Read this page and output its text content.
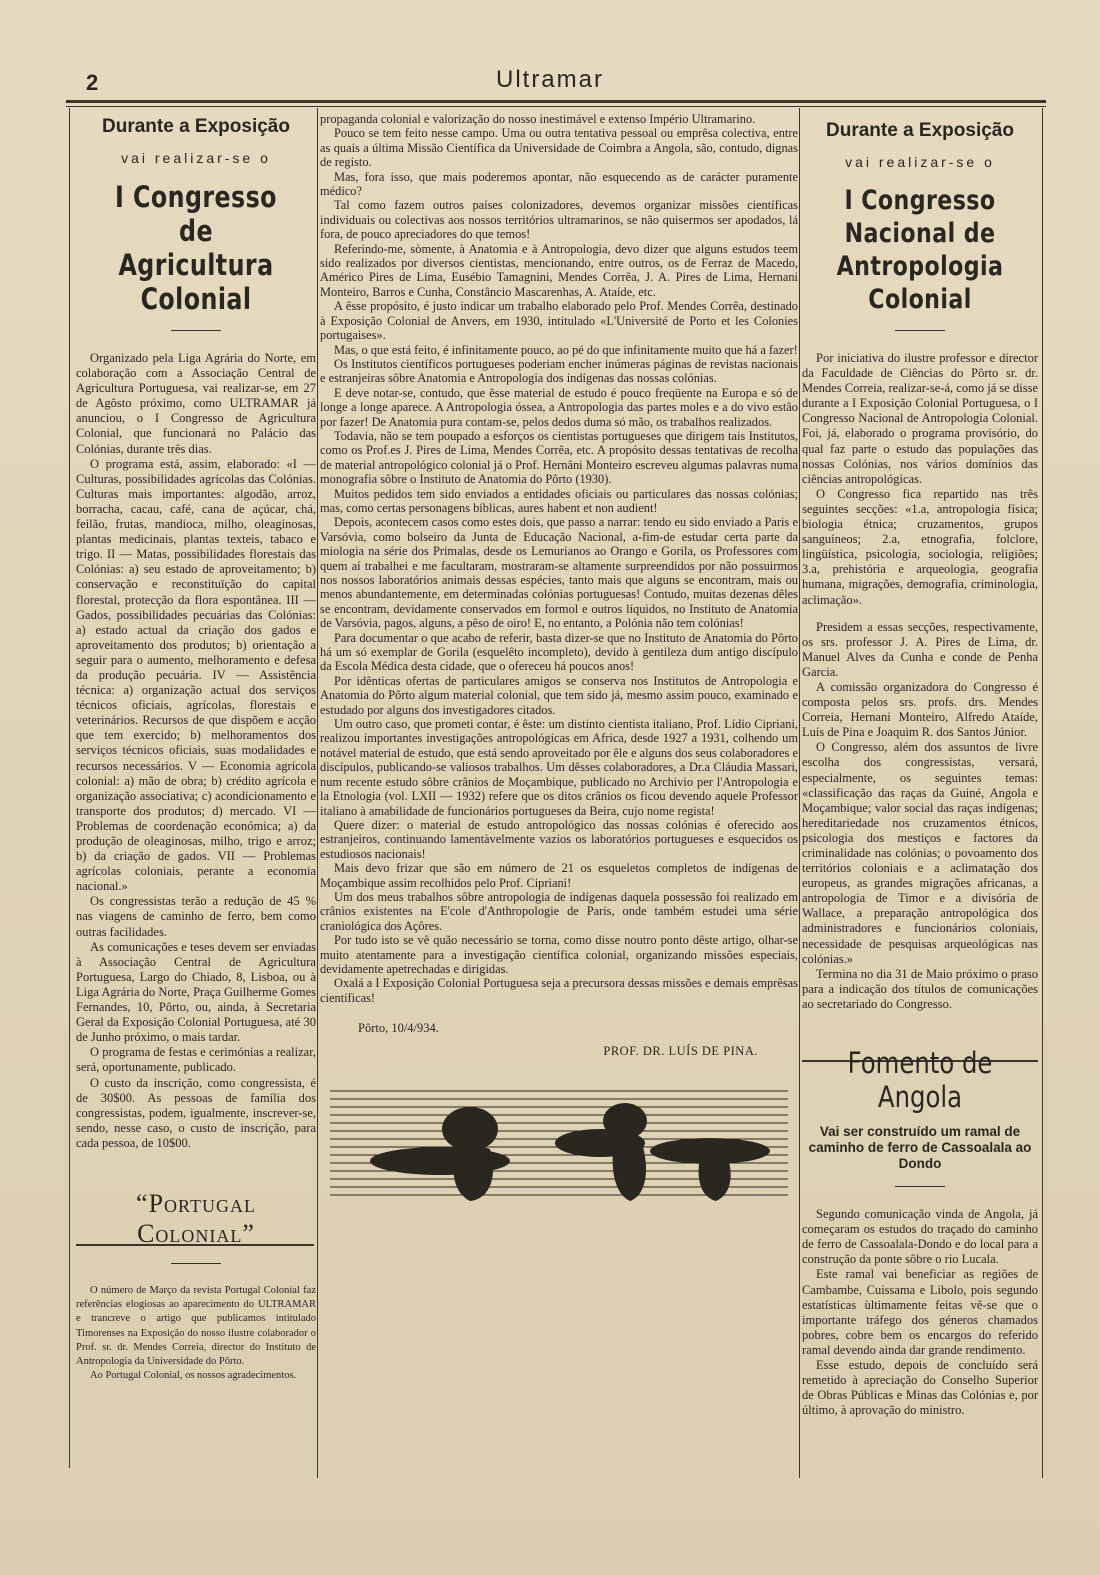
2	Ultramar
Durante a Exposição
vai realizar-se o
I Congresso de Agricultura Colonial

Organizado pela Liga Agrária do Norte, em colaboração com a Associação Central de Agricultura Portuguesa, vai realizar-se, em 27 de Agôsto próximo, como ULTRAMAR já anunciou, o I Congresso de Agricultura Colonial, que funcionará no Palácio das Colónias, durante três dias.

O programa está, assim, elaborado: «I — Culturas, possibilidades agrícolas das Colónias. Culturas mais importantes: algodão, arroz, borracha, cacau, café, cana de açúcar, chá, feilão, frutas, mandioca, milho, oleaginosas, plantas medicinais, plantas texteis, tabaco e trigo. II — Matas, possibilidades florestais das Colónias: a) seu estado de aproveitamento; b) conservação e reconstituïção do capital florestal, protecção da flora espontânea. III — Gados, possibilidades pecuárias das Colónias: a) estado actual da criação dos gados e aproveitamento dos produtos; b) orientação a seguir para o aumento, melhoramento e defesa da produção pecuária. IV — Assistência técnica: a) organização actual dos serviços técnicos oficiais, agrícolas, florestais e veterinários. Recursos de que dispõem e acção que tem exercido; b) melhoramentos dos serviços técnicos oficiais, suas modalidades e recursos necessários. V — Economia agrícola colonial: a) mão de obra; b) crédito agrícola e organização associativa; c) acondicionamento e transporte dos produtos; d) mercado. VI — Problemas de coordenação económica; a) da produção de oleaginosas, milho, trigo e arroz; b) da criação de gados. VII — Problemas agrícolas coloniais, perante a economia nacional.»

Os congressistas terão a redução de 45 % nas viagens de caminho de ferro, bem como outras facilidades.

As comunicações e teses devem ser enviadas à Associação Central de Agricultura Portuguesa, Largo do Chiado, 8, Lisboa, ou à Liga Agrária do Norte, Praça Guilherme Gomes Fernandes, 10, Pôrto, ou, ainda, à Secretaria Geral da Exposição Colonial Portuguesa, até 30 de Junho próximo, o mais tardar.

O programa de festas e cerimónias a realizar, será, oportunamente, publicado.

O custo da inscrição, como congressista, é de 30$00. As pessoas de família dos congressistas, podem, igualmente, inscrever-se, sendo, nesse caso, o custo de inscrição, para cada pessoa, de 10$00.

“Portugal Colonial”

O número de Março da revista Portugal Colonial faz referências elogiosas ao aparecimento do ULTRAMAR e trancreve o artigo que publicamos intitulado Timorenses na Exposição do nosso ilustre colaborador o Prof. sr. dr. Mendes Correia, director do Instituto de Antropologia da Universidade do Pôrto.

Ao Portugal Colonial, os nossos agradecimentos.

propaganda colonial e valorização do nosso inestimável e extenso Império Ultramarino.

Pouco se tem feito nesse campo. Uma ou outra tentativa pessoal ou emprêsa colectiva, entre as quais a última Missão Científica da Universidade de Coimbra a Angola, são, contudo, dignas de registo.

Mas, fora isso, que mais poderemos apontar, não esquecendo as de carácter puramente médico?

Tal como fazem outros países colonizadores, devemos organizar missões científicas individuais ou colectivas aos nossos territórios ultramarinos, se não quisermos ser apodados, lá fora, de pouco apreciadores do que temos!

Referindo-me, sòmente, à Anatomia e à Antropologia, devo dizer que alguns estudos teem sido realizados por diversos cientistas, mencionando, entre outros, os de Ferraz de Macedo, Américo Pires de Lima, Eusébio Tamagnini, Mendes Corrêa, J. A. Pires de Lima, Hernani Monteiro, Barros e Cunha, Constâncio Mascarenhas, A. Ataíde, etc.

A êsse propósito, é justo indicar um trabalho elaborado pelo Prof. Mendes Corrêa, destinado à Exposição Colonial de Anvers, em 1930, intitulado «L'Université de Porto et les Colonies portugaises».

Mas, o que está feito, é infinitamente pouco, ao pé do que infinitamente muito que há a fazer!

Os Institutos científicos portugueses poderiam encher inúmeras páginas de revistas nacionais e estranjeiras sôbre Anatomia e Antropologia dos indígenas das nossas colónias.

E deve notar-se, contudo, que êsse material de estudo é pouco freqüente na Europa e só de longe a longe aparece. A Antropologia óssea, a Antropologia das partes moles e a do vivo estão por fazer! De Anatomia pura contam-se, pelos dedos duma só mão, os trabalhos realizados.

Todavia, não se tem poupado a esforços os cientistas portugueses que dirigem tais Institutos, como os Prof.es J. Pires de Lima, Mendes Corrêa, etc. A propósito dessas tentativas de recolha de material antropológico colonial já o Prof. Hernâni Monteiro escreveu algumas palavras numa monografia sôbre o Instituto de Anatomia do Pôrto (1930).

Muitos pedidos tem sido enviados a entidades oficiais ou particulares das nossas colónias; mas, como certas personagens bíblicas, aures habent et non audient!

Depois, acontecem casos como estes dois, que passo a narrar: tendo eu sido enviado a Paris e Varsóvia, como bolseiro da Junta de Educação Nacional, a-fim-de estudar certa parte da miologia na série dos Primalas, desde os Lemurianos ao Orango e Gorila, os Professores com quem aí trabalhei e me facultaram, mostraram-se altamente surpreendidos por não possuirmos nos nossos laboratórios animais dessas espécies, tanto mais que alguns se encontram, mais ou menos abundantemente, em determinadas colónias portuguesas! Contudo, muitas dezenas dêles se encontram, devidamente conservados em formol e outros líquidos, no Instituto de Anatomia de Varsóvia, pagos, alguns, a pêso de oiro! E, no entanto, a Polónia não tem colónias!

Para documentar o que acabo de referir, basta dizer-se que no Instituto de Anatomia do Pôrto há um só exemplar de Gorila (esquelêto incompleto), devido à gentileza dum antigo discípulo da Escola Médica desta cidade, que o ofereceu há poucos anos!

Por idênticas ofertas de particulares amigos se conserva nos Institutos de Antropologia e Anatomia do Pôrto algum material colonial, que tem sido já, mesmo assim pouco, examinado e estudado por alguns dos investigadores citados.

Um outro caso, que prometi contar, é êste: um distinto cientista italiano, Prof. Lídio Cipriani, realizou importantes investigações antropológicas em Africa, desde 1927 a 1931, colhendo um notável material de estudo, que está sendo aproveitado por êle e alguns dos seus colaboradores e discípulos, publicando-se valiosos trabalhos. Um dêsses colaboradores, a Dr.a Cláudia Massari, num recente estudo sôbre crânios de Moçambique, publicado no Archivio per l'Antropologia e la Etnologia (vol. LXII — 1932) refere que os ditos crânios os ficou devendo aquele Professor italiano à amabilidade de funcionários portugueses da Beira, cujo nome regista!

Quere dizer: o material de estudo antropológico das nossas colónias é oferecido aos estranjeiros, continuando lamentàvelmente vazios os laboratórios portugueses e esquecidos os estudiosos nacionais!

Mais devo frizar que são em número de 21 os esqueletos completos de indígenas de Moçambique assim recolhidos pelo Prof. Cipriani!

Um dos meus trabalhos sôbre antropologia de indígenas daquela possessão foi realizado em crânios existentes na E'cole d'Anthropologie de Paris, onde também estudei uma série craniológica dos Açôres.

Por tudo isto se vê quão necessário se torna, como disse noutro ponto dêste artigo, olhar-se muito atentamente para a investigação científica colonial, organizando missões especiais, devidamente apetrechadas e dirigidas.

Oxalá a I Exposição Colonial Portuguesa seja a precursora dessas missões e demais emprêsas científicas!

Pôrto, 10/4/934.
PROF. DR. LUÍS DE PINA.
Durante a Exposição
vai realizar-se o
I Congresso Nacional de Antropologia Colonial

Por iniciativa do ilustre professor e director da Faculdade de Ciências do Pôrto sr. dr. Mendes Correia, realizar-se-á, como já se disse durante a I Exposição Colonial Portuguesa, o I Congresso Nacional de Antropologia Colonial. Foi, já, elaborado o programa provisório, do qual faz parte o estudo das populações das nossas Colónias, nos vários domínios das ciências antropológicas.

O Congresso fica repartido nas três seguintes secções: «1.a, antropologia física; biologia étnica; cruzamentos, grupos sanguíneos; 2.a, etnografia, folclore, lingüística, psicologia, sociologia, religiões; 3.a, prehistória e arqueologia, geografia humana, migrações, demografia, criminologia, aclimação».

Presidem a essas secções, respectivamente, os srs. professor J. A. Pires de Lima, dr. Manuel Alves da Cunha e conde de Penha Garcia.

A comissão organizadora do Congresso é composta pelos srs. profs. drs. Mendes Correia, Hernani Monteiro, Alfredo Ataíde, Luís de Pina e Joaquim R. dos Santos Júnior.

O Congresso, além dos assuntos de livre escolha dos congressistas, versará, especialmente, os seguintes temas: «classificação das raças da Guiné, Angola e Moçambique; valor social das raças indígenas; hereditariedade nos cruzamentos étnicos, psicologia dos mestiços e factores da criminalidade nas colónias; o povoamento dos territórios coloniais e a aclimatação dos europeus, as grandes migrações africanas, a antropologia de Timor e a divisória de Wallace, a preparação antropológica dos administradores e funcionários coloniais, necessidade de pesquisas arqueológicas nas colónias.»

Termina no dia 31 de Maio próximo o praso para a indicação dos títulos de comunicações ao secretariado do Congresso.

Fomento de Angola
Vai ser construído um ramal de caminho de ferro de Cassoalala ao Dondo

Segundo comunicação vinda de Angola, já começaram os estudos do traçado do caminho de ferro de Cassoalala-Dondo e do local para a construção da ponte sôbre o rio Lucala.

Este ramal vai beneficiar as regiões de Cambambe, Cuissama e Libolo, pois segundo estatísticas ùltimamente feitas vê-se que o importante tráfego dos géneros chamados pobres, cobre bem os encargos do referido ramal devendo ainda dar grande rendimento.

Esse estudo, depois de concluído será remetido à apreciação do Conselho Superior de Obras Públicas e Minas das Colónias e, por último, à aprovação do ministro.
